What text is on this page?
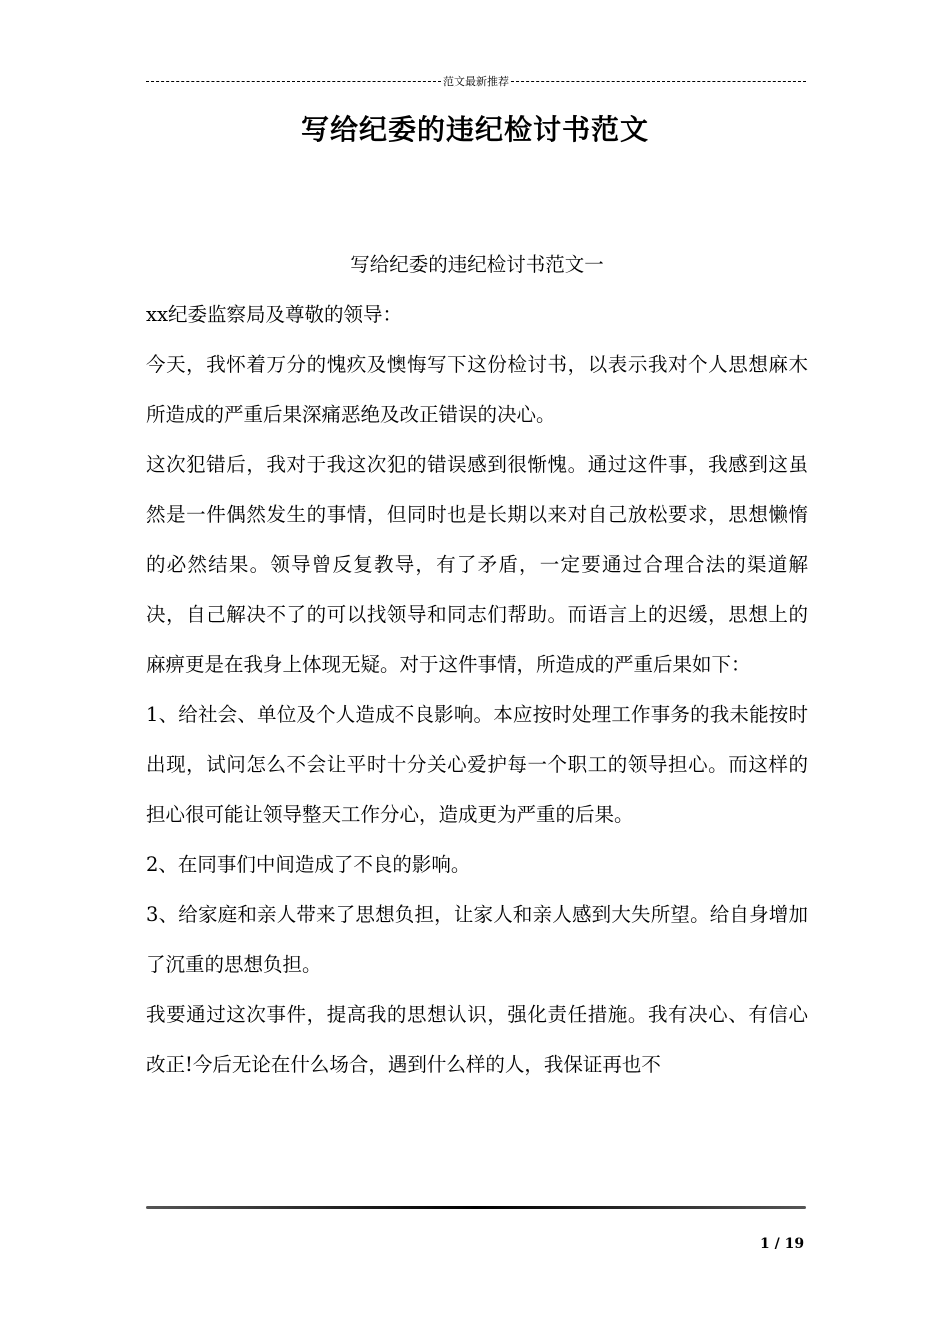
范文最新推荐
写给纪委的违纪检讨书范文

写给纪委的违纪检讨书范文一

xx纪委监察局及尊敬的领导：

今天，我怀着万分的愧疚及懊悔写下这份检讨书，以表示我对个人思想麻木所造成的严重后果深痛恶绝及改正错误的决心。

这次犯错后，我对于我这次犯的错误感到很惭愧。通过这件事，我感到这虽然是一件偶然发生的事情，但同时也是长期以来对自己放松要求，思想懒惰的必然结果。领导曾反复教导，有了矛盾，一定要通过合理合法的渠道解决，自己解决不了的可以找领导和同志们帮助。而语言上的迟缓，思想上的麻痹更是在我身上体现无疑。对于这件事情，所造成的严重后果如下：

1、给社会、单位及个人造成不良影响。本应按时处理工作事务的我未能按时出现，试问怎么不会让平时十分关心爱护每一个职工的领导担心。而这样的担心很可能让领导整天工作分心，造成更为严重的后果。

2、在同事们中间造成了不良的影响。

3、给家庭和亲人带来了思想负担，让家人和亲人感到大失所望。给自身增加了沉重的思想负担。

我要通过这次事件，提高我的思想认识，强化责任措施。我有决心、有信心改正!今后无论在什么场合，遇到什么样的人，我保证再也不

1 / 19
